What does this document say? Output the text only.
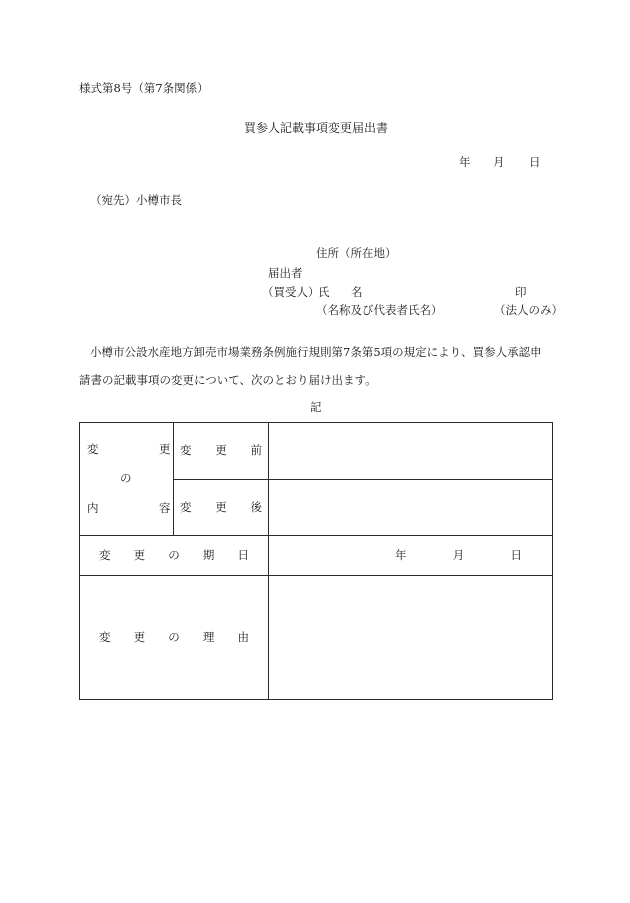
様式第8号（第7条関係）
買参人記載事項変更届出書
年 月 日
（宛先）小樽市長
住所（所在地）
届出者
（買受人）
氏 名	印
（名称及び代表者氏名）	（法人のみ）
小樽市公設水産地方卸売市場業務条例施行規則第7条第5項の規定により、買参人承認申
請書の記載事項の変更について、次のとおり届け出ます。
記
変 更
の
内 容	変 更 前	

	変 更 後	

変 更 の 期 日		年 月 日

変 更 の 理 由		
